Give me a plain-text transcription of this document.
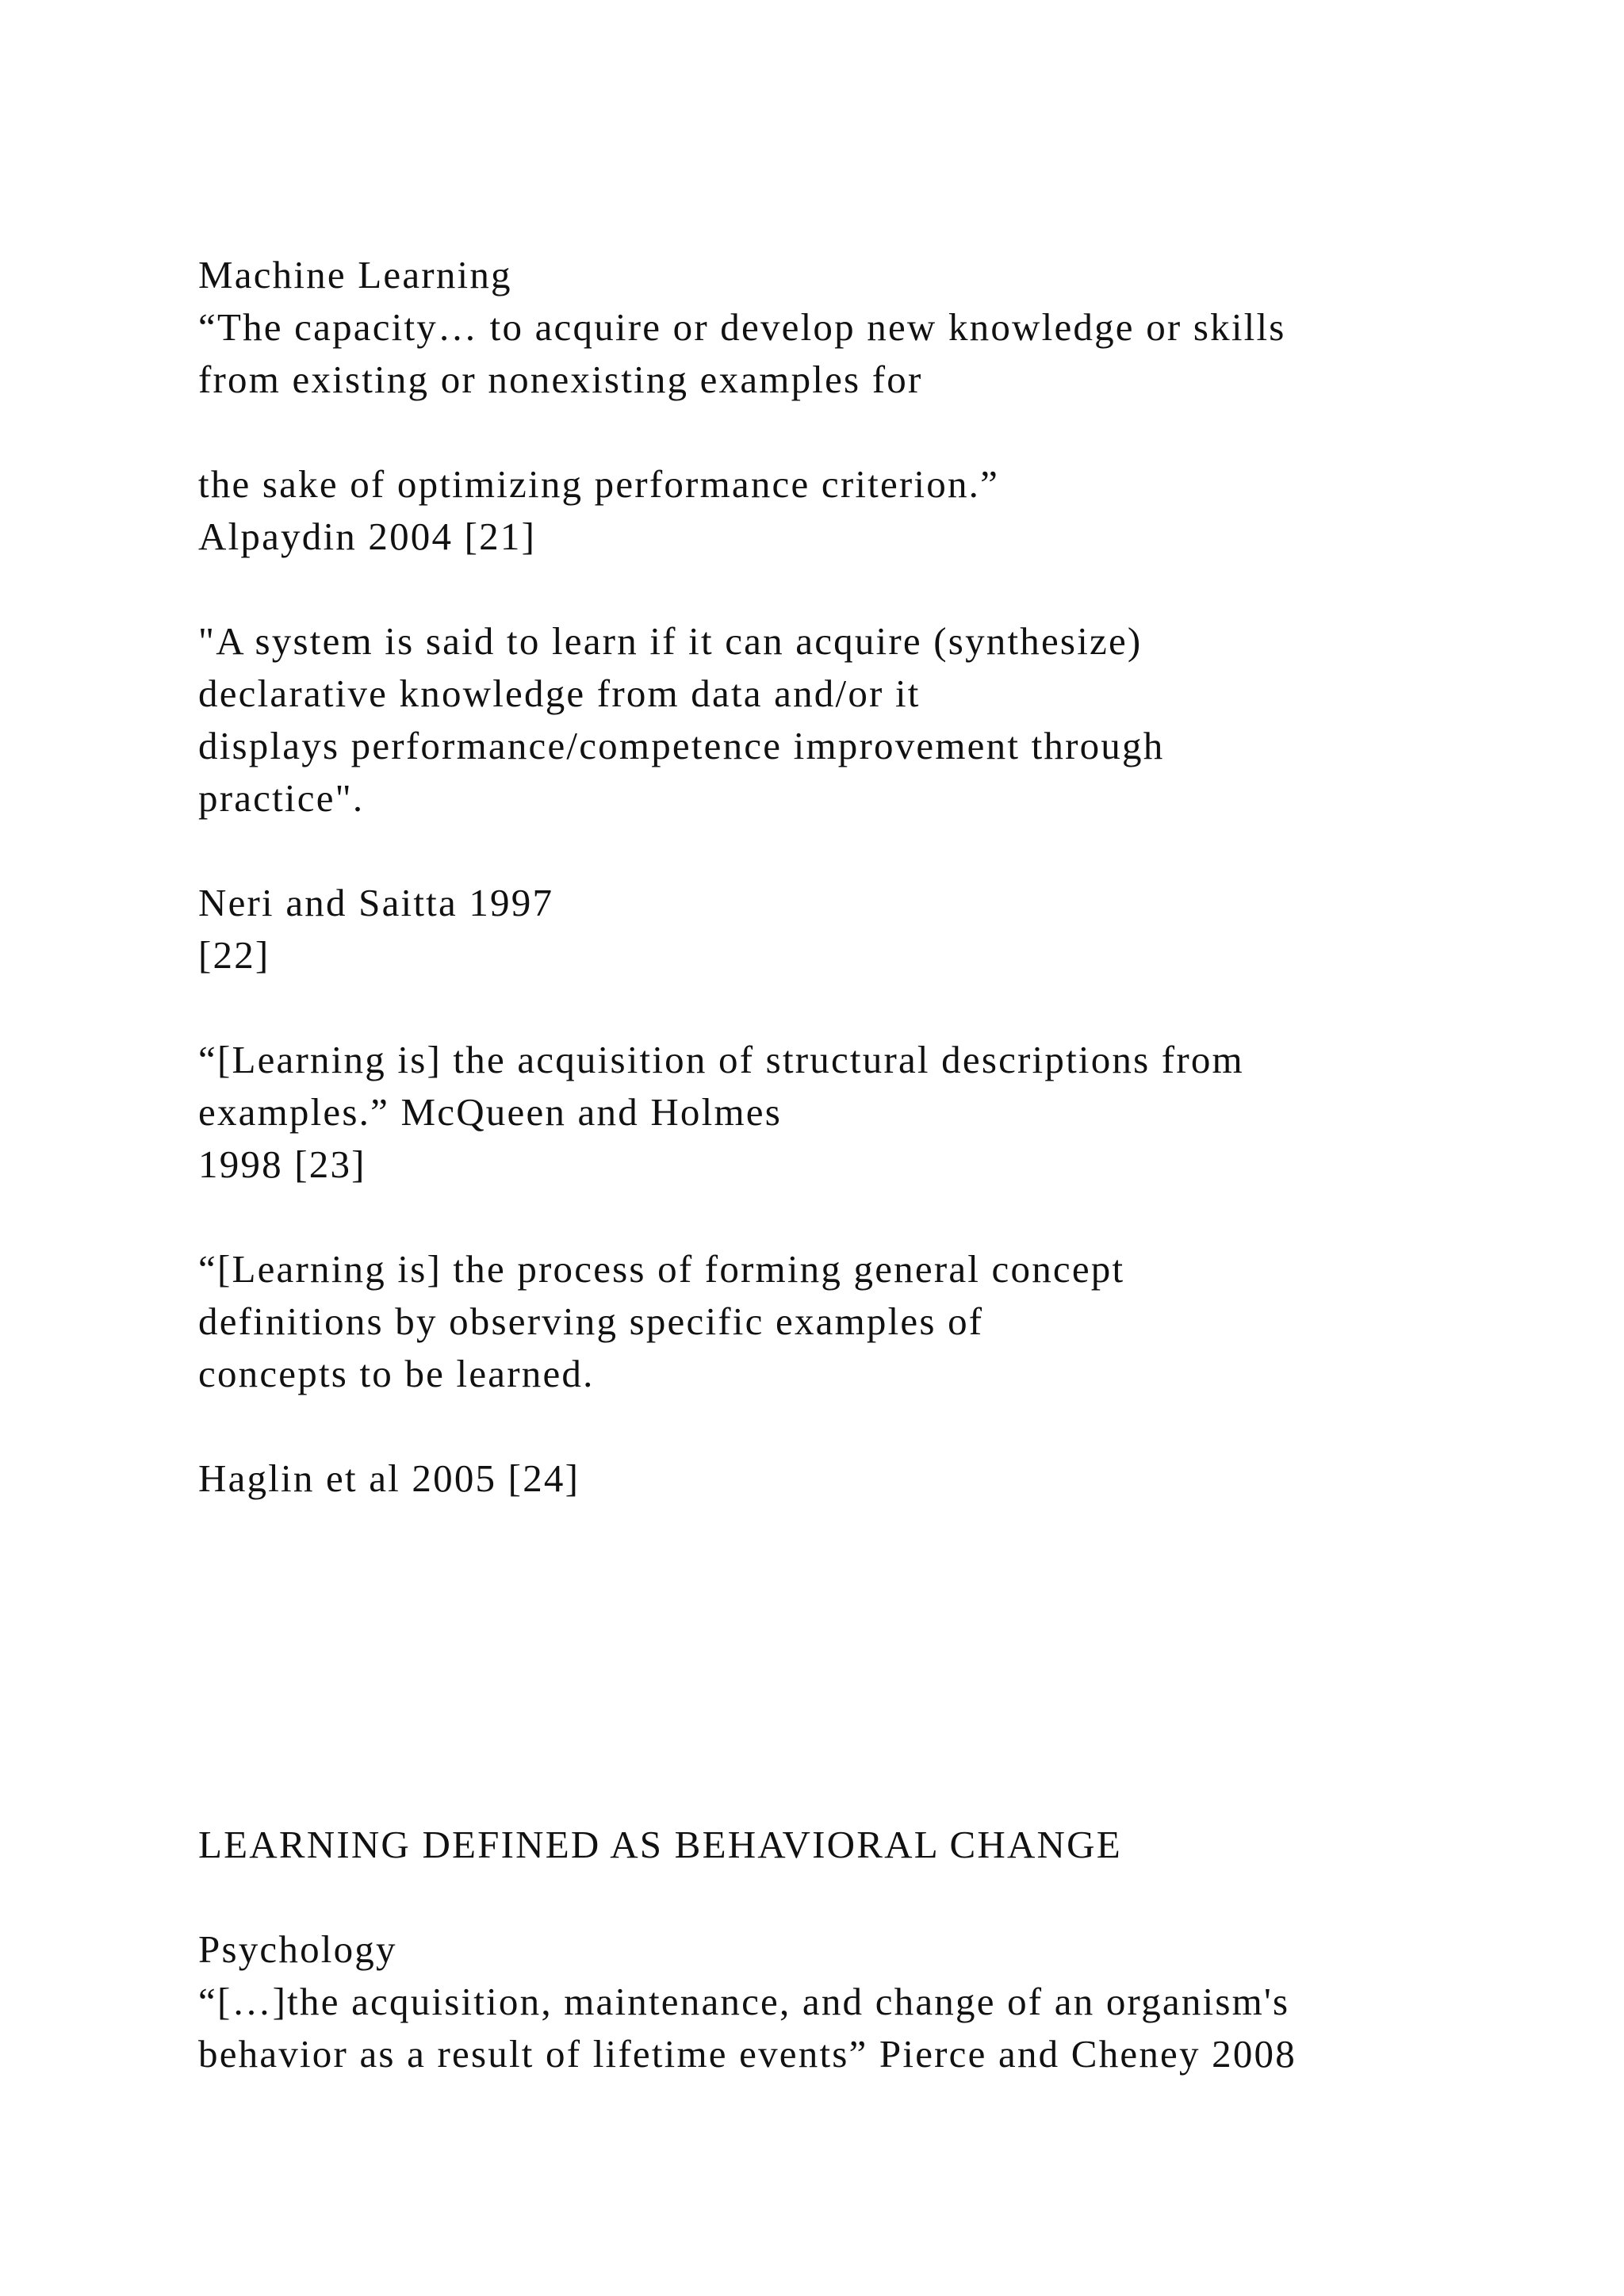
Machine Learning

“The capacity… to acquire or develop new knowledge or skills

from existing or nonexisting examples for

the sake of optimizing performance criterion.”

Alpaydin 2004 [21]

"A system is said to learn if it can acquire (synthesize)

declarative knowledge from data and/or it

displays performance/competence improvement through

practice".

Neri and Saitta 1997

[22]

“[Learning is] the acquisition of structural descriptions from

examples.” McQueen and Holmes

1998 [23]

“[Learning is] the process of forming general concept

definitions by observing specific examples of

concepts to be learned.

Haglin et al 2005 [24]

LEARNING DEFINED AS BEHAVIORAL CHANGE

Psychology

“[…]the acquisition, maintenance, and change of an organism's

behavior as a result of lifetime events” Pierce and Cheney 2008
